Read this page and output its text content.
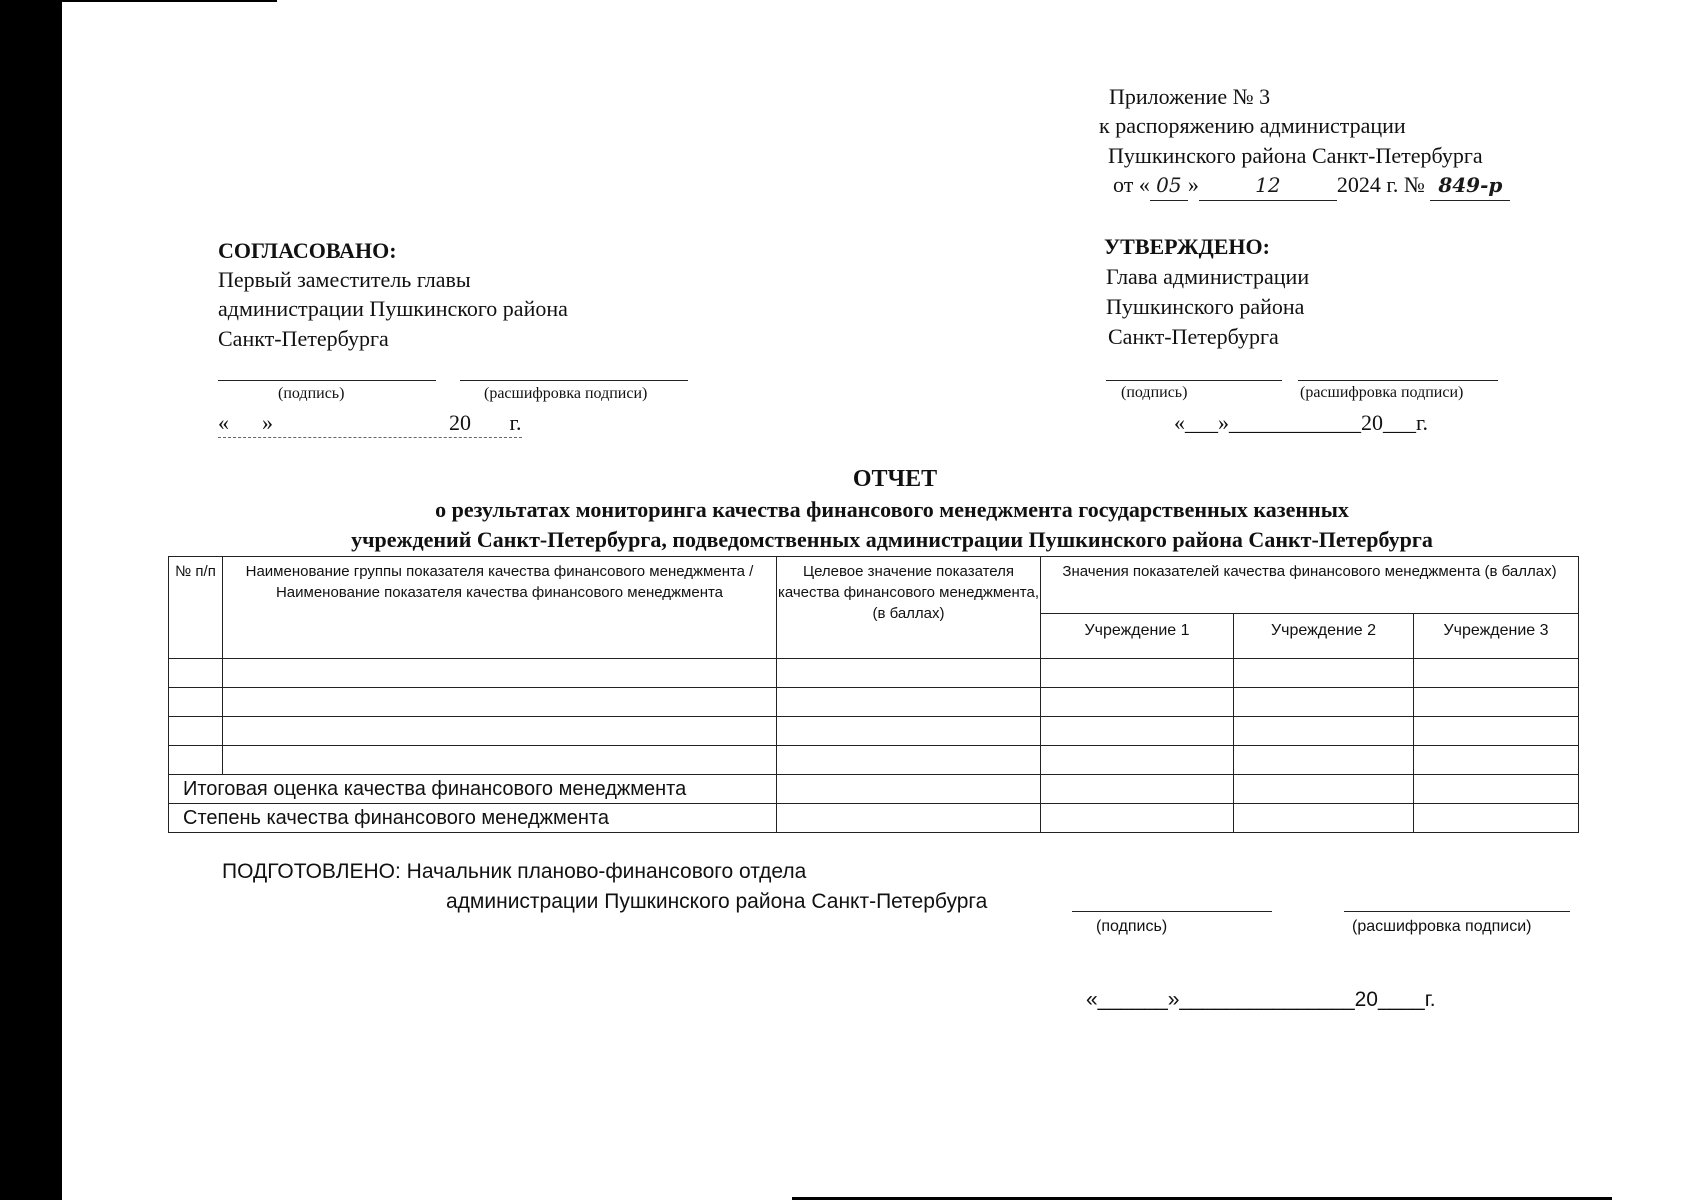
Приложение № 3
к распоряжению администрации
Пушкинского района Санкт-Петербурга
от « 05 »	12	2024 г. № 849-р
СОГЛАСОВАНО:
Первый заместитель главы
администрации Пушкинского района
Санкт-Петербурга
(подпись)	(расшифровка подписи)
«      »                                20       г.
УТВЕРЖДЕНО:
Глава администрации
Пушкинского района
Санкт-Петербурга
(подпись)	(расшифровка подписи)
«___»____________20___г.
ОТЧЕТ
о результатах мониторинга качества финансового менеджмента государственных казенных
учреждений Санкт-Петербурга, подведомственных администрации Пушкинского района Санкт-Петербурга
№ п/п	Наименование группы показателя качества финансового менеджмента / Наименование показателя качества финансового менеджмента	Целевое значение показателя качества финансового менеджмента, (в баллах)	Значения показателей качества финансового менеджмента (в баллах)		
			Учреждение 1	Учреждение 2	Учреждение 3

Итоговая оценка качества финансового менеджмента					
Степень качества финансового менеджмента					
ПОДГОТОВЛЕНО: Начальник планово-финансового отдела
администрации Пушкинского района Санкт-Петербурга
(подпись)	(расшифровка подписи)
«______»_______________20____г.
